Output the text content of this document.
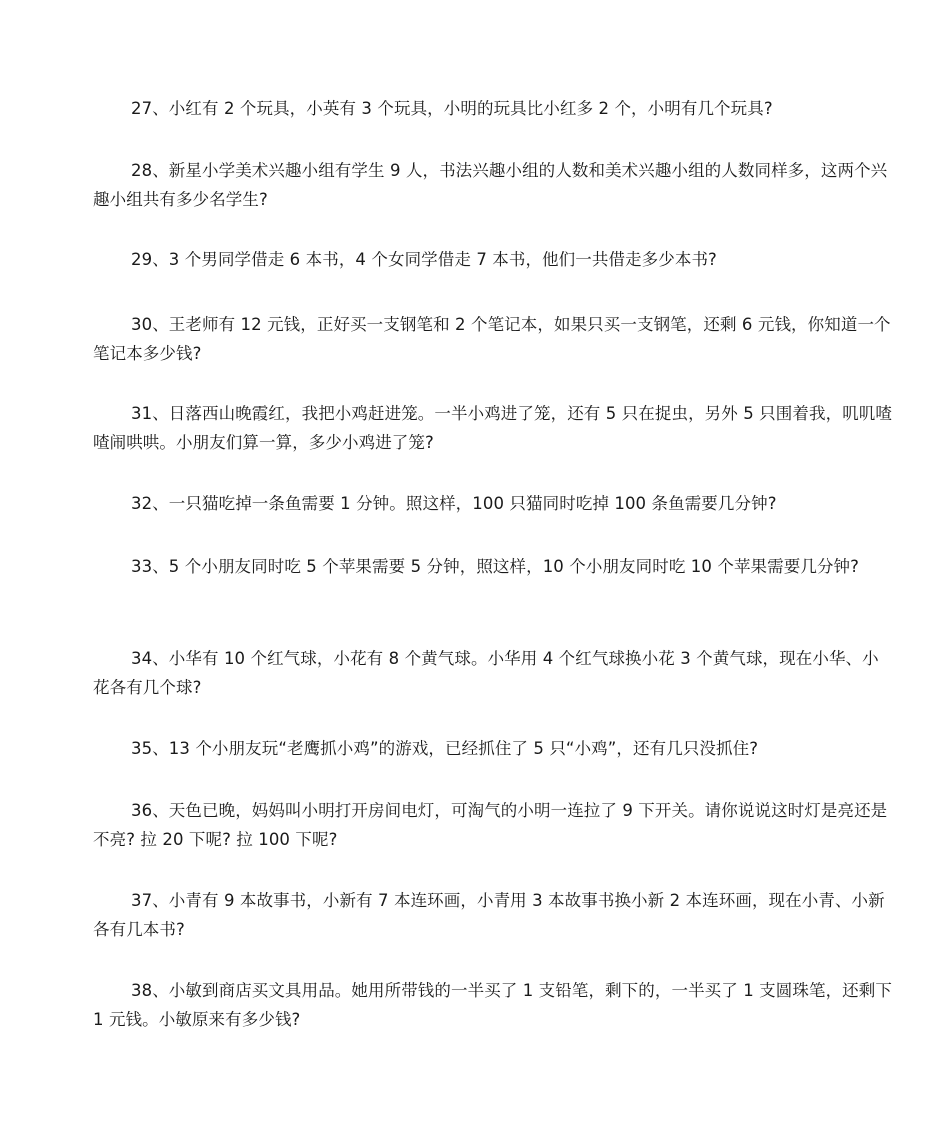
27、小红有 2 个玩具，小英有 3 个玩具，小明的玩具比小红多 2 个，小明有几个玩具?

28、新星小学美术兴趣小组有学生 9 人，书法兴趣小组的人数和美术兴趣小组的人数同样多，这两个兴趣小组共有多少名学生?

29、3 个男同学借走 6 本书，4 个女同学借走 7 本书，他们一共借走多少本书?

30、王老师有 12 元钱，正好买一支钢笔和 2 个笔记本，如果只买一支钢笔，还剩 6 元钱，你知道一个笔记本多少钱?

31、日落西山晚霞红，我把小鸡赶进笼。一半小鸡进了笼，还有 5 只在捉虫，另外 5 只围着我，叽叽喳喳闹哄哄。小朋友们算一算，多少小鸡进了笼?

32、一只猫吃掉一条鱼需要 1 分钟。照这样，100 只猫同时吃掉 100 条鱼需要几分钟?

33、5 个小朋友同时吃 5 个苹果需要 5 分钟，照这样，10 个小朋友同时吃 10 个苹果需要几分钟?

34、小华有 10 个红气球，小花有 8 个黄气球。小华用 4 个红气球换小花 3 个黄气球，现在小华、小花各有几个球?

35、13 个小朋友玩“老鹰抓小鸡”的游戏，已经抓住了 5 只“小鸡”，还有几只没抓住?

36、天色已晚，妈妈叫小明打开房间电灯，可淘气的小明一连拉了 9 下开关。请你说说这时灯是亮还是不亮? 拉 20 下呢? 拉 100 下呢?

37、小青有 9 本故事书，小新有 7 本连环画，小青用 3 本故事书换小新 2 本连环画，现在小青、小新各有几本书?

38、小敏到商店买文具用品。她用所带钱的一半买了 1 支铅笔，剩下的，一半买了 1 支圆珠笔，还剩下 1 元钱。小敏原来有多少钱?
